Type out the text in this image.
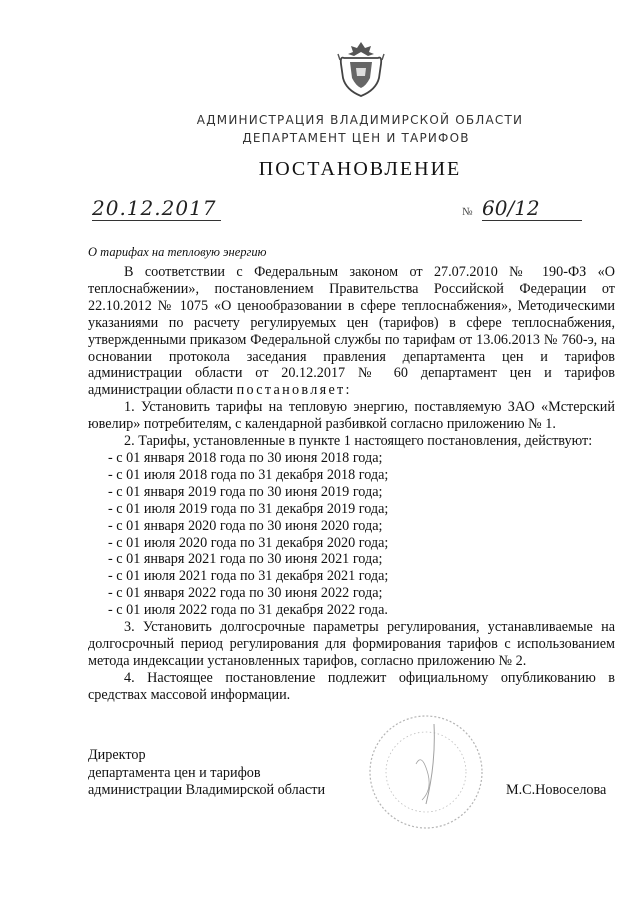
АДМИНИСТРАЦИЯ ВЛАДИМИРСКОЙ ОБЛАСТИ
ДЕПАРТАМЕНТ ЦЕН И ТАРИФОВ
ПОСТАНОВЛЕНИЕ
20.12.2017	№ 60/12
О тарифах на тепловую энергию

В соответствии с Федеральным законом от 27.07.2010 № 190-ФЗ «О теплоснабжении», постановлением Правительства Российской Федерации от 22.10.2012 № 1075 «О ценообразовании в сфере теплоснабжения», Методическими указаниями по расчету регулируемых цен (тарифов) в сфере теплоснабжения, утвержденными приказом Федеральной службы по тарифам от 13.06.2013 № 760-э, на основании протокола заседания правления департамента цен и тарифов администрации области от 20.12.2017 № 60 департамент цен и тарифов администрации области постановляет:

1. Установить тарифы на тепловую энергию, поставляемую ЗАО «Мстерский ювелир» потребителям, с календарной разбивкой согласно приложению № 1.

2. Тарифы, установленные в пункте 1 настоящего постановления, действуют:

- с 01 января 2018 года по 30 июня 2018 года;
- с 01 июля 2018 года по 31 декабря 2018 года;
- с 01 января 2019 года по 30 июня 2019 года;
- с 01 июля 2019 года по 31 декабря 2019 года;
- с 01 января 2020 года по 30 июня 2020 года;
- с 01 июля 2020 года по 31 декабря 2020 года;
- с 01 января 2021 года по 30 июня 2021 года;
- с 01 июля 2021 года по 31 декабря 2021 года;
- с 01 января 2022 года по 30 июня 2022 года;
- с 01 июля 2022 года по 31 декабря 2022 года.

3. Установить долгосрочные параметры регулирования, устанавливаемые на долгосрочный период регулирования для формирования тарифов с использованием метода индексации установленных тарифов, согласно приложению № 2.

4. Настоящее постановление подлежит официальному опубликованию в средствах массовой информации.

Директор
департамента цен и тарифов
администрации Владимирской области	М.С.Новоселова
